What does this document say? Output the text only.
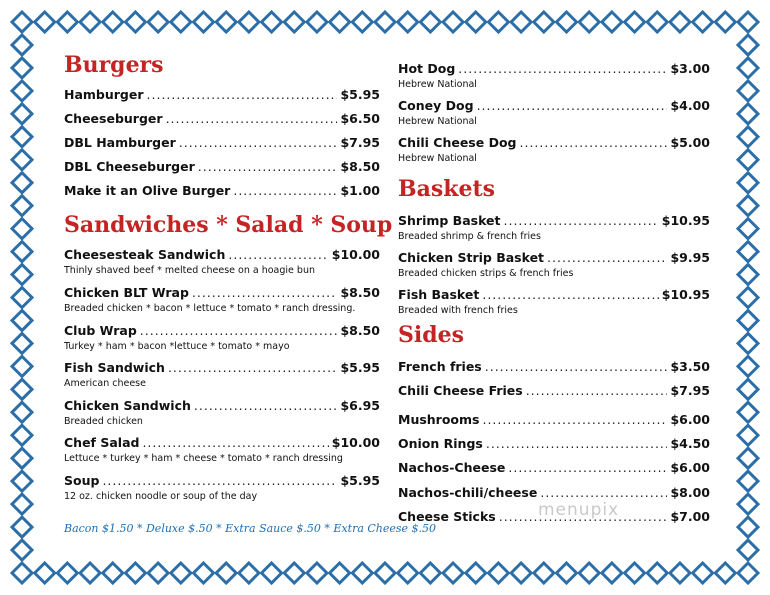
Burgers
Hamburger .....	$5.95
Cheeseburger .....	$6.50
DBL Hamburger .....	$7.95
DBL Cheeseburger .....	$8.50
Make it an Olive Burger .....	$1.00
Sandwiches * Salad * Soup
Cheesesteak Sandwich .....	$10.00
Thinly shaved beef * melted cheese on a hoagie bun
Chicken BLT Wrap .....	$8.50
Breaded chicken * bacon * lettuce * tomato * ranch dressing.
Club Wrap .....	$8.50
Turkey * ham * bacon *lettuce * tomato * mayo
Fish Sandwich .....	$5.95
American cheese
Chicken Sandwich .....	$6.95
Breaded chicken
Chef Salad .....	$10.00
Lettuce * turkey * ham * cheese * tomato * ranch dressing
Soup .....	$5.95
12 oz. chicken noodle or soup of the day
Bacon $1.50 * Deluxe $.50 * Extra Sauce $.50 * Extra Cheese $.50
Hot Dog .....	$3.00
Hebrew National
Coney Dog .....	$4.00
Hebrew National
Chili Cheese Dog .....	$5.00
Hebrew National
Baskets
Shrimp Basket .....	$10.95
Breaded shrimp & french fries
Chicken Strip Basket .....	$9.95
Breaded chicken strips & french fries
Fish Basket .....	$10.95
Breaded with french fries
Sides
French fries .....	$3.50
Chili Cheese Fries .....	$7.95
Mushrooms .....	$6.00
Onion Rings .....	$4.50
Nachos-Cheese .....	$6.00
Nachos-chili/cheese .....	$8.00
Cheese Sticks .....	$7.00
menupix
